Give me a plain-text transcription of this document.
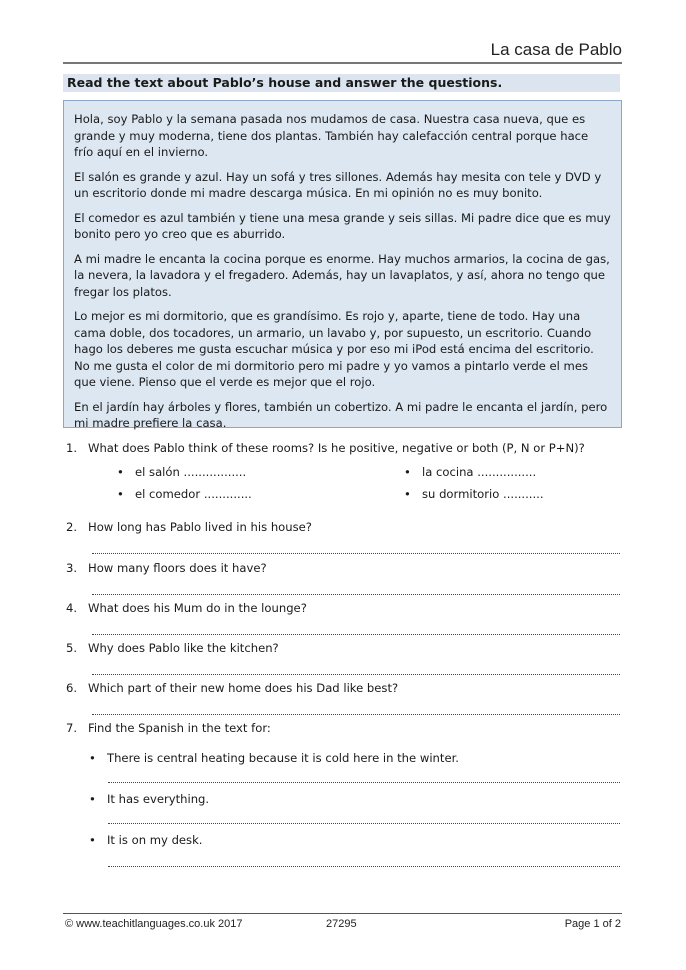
La casa de Pablo
Read the text about Pablo’s house and answer the questions.

Hola, soy Pablo y la semana pasada nos mudamos de casa. Nuestra casa nueva, que es grande y muy moderna, tiene dos plantas. También hay calefacción central porque hace frío aquí en el invierno.

El salón es grande y azul. Hay un sofá y tres sillones. Además hay mesita con tele y DVD y un escritorio donde mi madre descarga música. En mi opinión no es muy bonito.

El comedor es azul también y tiene una mesa grande y seis sillas. Mi padre dice que es muy bonito pero yo creo que es aburrido.

A mi madre le encanta la cocina porque es enorme. Hay muchos armarios, la cocina de gas, la nevera, la lavadora y el fregadero. Además, hay un lavaplatos, y así, ahora no tengo que fregar los platos.

Lo mejor es mi dormitorio, que es grandísimo. Es rojo y, aparte, tiene de todo. Hay una cama doble, dos tocadores, un armario, un lavabo y, por supuesto, un escritorio. Cuando hago los deberes me gusta escuchar música y por eso mi iPod está encima del escritorio. No me gusta el color de mi dormitorio pero mi padre y yo vamos a pintarlo verde el mes que viene. Pienso que el verde es mejor que el rojo.

En el jardín hay árboles y flores, también un cobertizo. A mi padre le encanta el jardín, pero mi madre prefiere la casa.

1. What does Pablo think of these rooms? Is he positive, negative or both (P, N or P+N)?
• el salón .................	• la cocina ................
• el comedor .............	• su dormitorio ...........
2. How long has Pablo lived in his house?
3. How many floors does it have?
4. What does his Mum do in the lounge?
5. Why does Pablo like the kitchen?
6. Which part of their new home does his Dad like best?
7. Find the Spanish in the text for:
• There is central heating because it is cold here in the winter.
• It has everything.
• It is on my desk.
© www.teachitlanguages.co.uk 2017	27295	Page 1 of 2
